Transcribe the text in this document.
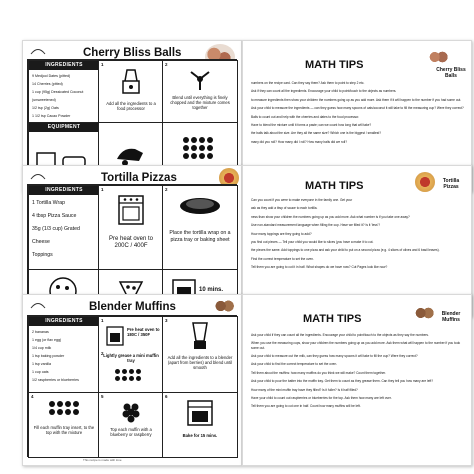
Cherry Bliss Balls
INGREDIENTS
9 Medjool Dates (pitted)
14 Cherries (pitted)
1 cup (95g) Dessicated Coconut (unsweetened)
1/2 tsp (2g) Oats
1 1/2 tsp Cacao Powder
1
Add all the ingredients to a food processor
2
Blend until everything is finely chopped and the mixture comes together
EQUIPMENT
MATH TIPS	Cherry Bliss Balls

numbers on the recipe card. Can they say them? Ask them to point to step 2 etc.

Ask if they can count all the ingredients. Encourage your child to point/touch to the objects as numbers.

to measure ingredients then show your children the numbers going up as you add more. Ask them if it will happen to the number if you had some out.

Ask your child to measure the ingredients — can they guess how many spoons of oats/coconut it will take to fill the measuring cup? Were they correct?

Balls to count out and help with the cherries and dates to the food processor.

Have to blend the mixture until it forms a paste; can we count how long that will take?

the balls talk about the size. Are they all the same size? Which one is the biggest / smallest?

many did you roll? How many did I roll? How many balls did we roll?

Tortilla Pizzas
INGREDIENTS
1 Tortilla Wrap
4 tbsp Pizza Sauce
35g (1/3 cup) Grated Cheese
Toppings
1
Pre heat oven to 200C / 400F
2
Place the tortilla wrap on a pizza tray or baking sheet
10 mins.
MATH TIPS	Tortilla Pizzas

Can you count if you were to make everyone in the family one. Get your

ask as they add a tbsp of sauce to each tortilla.

ness than show your children the numbers going up as you add more. Ask what number is if you take one away?

Use non-standard measurement language when filling the cup. Have we filled it? Is it 'less'?

How many toppings are they going to add?

you find out pieces — Tell your child you would like to slices (you have a make it to cut.

the pieces the same. Add toppings to one pizza and ask your child to put on a second pizza (e.g. 4 slices of olives and 6 basil leaves).

Find the correct temperature to set the oven.

Tell them you are going to cut it in half. What shapes do we have now? Cut Pages look like now?

Blender Muffins
INGREDIENTS
2 bananas
1 egg (or flax egg)
1/4 cup milk
1 tsp baking powder
1 tsp vanilla
1 cup oats
1/2 raspberries or blueberries
1
Pre heat oven to 180C / 350F
2 Lightly grease a mini muffin tray
3
Add all the ingredients to a blender (apart from berries) and blend until smooth
4
Fill each muffin tray insert, to the top with the mixture
5
Top each muffin with a blueberry or raspberry
6
Bake for 15 mins.
This recipe is made with love
MATH TIPS	Blender Muffins

Ask your child if they can count all the ingredients. Encourage your child to point/touch to the objects as they say the numbers.

When you use the measuring cups, show your children the numbers going up as you add more. Ask them what will happen to the number if you took some out.

Ask your child to measure out the milk, can they guess how many spoons it will take to fill the cup? Were they correct?

Ask your child to find the correct temperature to set the oven.

Tell them about the muffins: how many muffins do you think we will make? Count them together.

Ask your child to pour the batter into the muffin tray. Get them to count as they grease them. Can they tell you how many are left?

How many of the mini muffin tray have they filled? Is it fuller? Is it half filled?

Have your child to count out raspberries or blueberries for the top. Ask them how many are left over.

Tell them you are going to cut one in half. Count how many muffins will be left.
